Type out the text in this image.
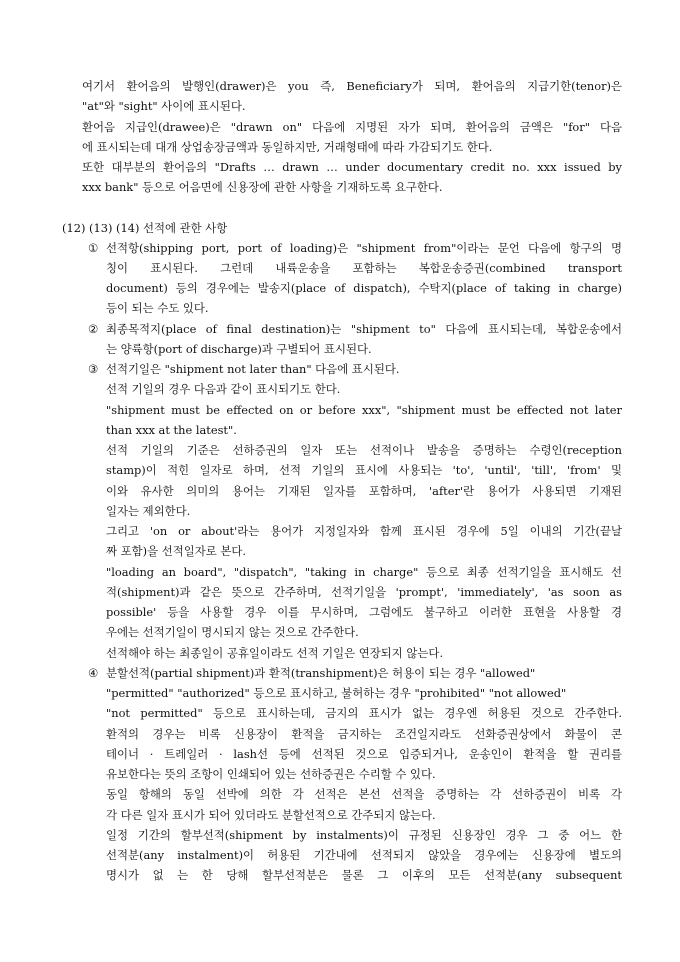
여기서 환어음의 발행인(drawer)은 you 즉, Beneficiary가 되며, 환어음의 지급기한(tenor)은
"at"와 "sight" 사이에 표시된다.
환어음 지급인(drawee)은 "drawn on" 다음에 지명된 자가 되며, 환어음의 금액은 "for" 다음
에 표시되는데 대개 상업송장금액과 동일하지만, 거래형태에 따라 가감되기도 한다.
또한 대부분의 환어음의 "Drafts … drawn … under documentary credit no. xxx issued by
xxx bank" 등으로 어음면에 신용장에 관한 사항을 기재하도록 요구한다.
(12) (13) (14) 선적에 관한 사항
① 선적항(shipping port, port of loading)은 "shipment from"이라는 문언 다음에 항구의 명
칭이 표시된다. 그런데 내륙운송을 포함하는 복합운송증권(combined transport
document) 등의 경우에는 발송지(place of dispatch), 수탁지(place of taking in charge)
등이 되는 수도 있다.
② 최종목적지(place of final destination)는 "shipment to" 다음에 표시되는데, 복합운송에서
는 양륙항(port of discharge)과 구별되어 표시된다.
③ 선적기일은 "shipment not later than" 다음에 표시된다.
선적 기일의 경우 다음과 같이 표시되기도 한다.
"shipment must be effected on or before xxx", "shipment must be effected not later
than xxx at the latest".
선적 기일의 기준은 선하증권의 일자 또는 선적이나 발송을 증명하는 수령인(reception
stamp)이 적힌 일자로 하며, 선적 기일의 표시에 사용되는 'to', 'until', 'till', 'from' 및
이와 유사한 의미의 용어는 기재된 일자를 포함하며, 'after'란 용어가 사용되면 기재된
일자는 제외한다.
그리고 'on or about'라는 용어가 지정일자와 함께 표시된 경우에 5일 이내의 기간(끝날
짜 포함)을 선적일자로 본다.
"loading an board", "dispatch", "taking in charge" 등으로 최종 선적기일을 표시해도 선
적(shipment)과 같은 뜻으로 간주하며, 선적기일을 'prompt', 'immediately', 'as soon as
possible' 등을 사용할 경우 이를 무시하며, 그럼에도 불구하고 이러한 표현을 사용할 경
우에는 선적기일이 명시되지 않는 것으로 간주한다.
선적해야 하는 최종일이 공휴일이라도 선적 기일은 연장되지 않는다.
④ 분할선적(partial shipment)과 환적(transhipment)은 허용이 되는 경우 "allowed"
"permitted" "authorized" 등으로 표시하고, 불허하는 경우 "prohibited" "not allowed"
"not permitted" 등으로 표시하는데, 금지의 표시가 없는 경우엔 허용된 것으로 간주한다.
환적의 경우는 비록 신용장이 환적을 금지하는 조건일지라도 선화증권상에서 화물이 콘
테이너 · 트레일러 · lash선 등에 선적된 것으로 입증되거나, 운송인이 환적을 할 권리를
유보한다는 뜻의 조항이 인쇄되어 있는 선하증권은 수리할 수 있다.
동일 항해의 동일 선박에 의한 각 선적은 본선 선적을 증명하는 각 선하증권이 비록 각
각 다른 일자 표시가 되어 있더라도 분할선적으로 간주되지 않는다.
일정 기간의 할부선적(shipment by instalments)이 규정된 신용장인 경우 그 중 어느 한
선적분(any instalment)이 허용된 기간내에 선적되지 않았을 경우에는 신용장에 별도의
명시가 없 는 한 당해 할부선적분은 물론 그 이후의 모든 선적분(any subsequent
